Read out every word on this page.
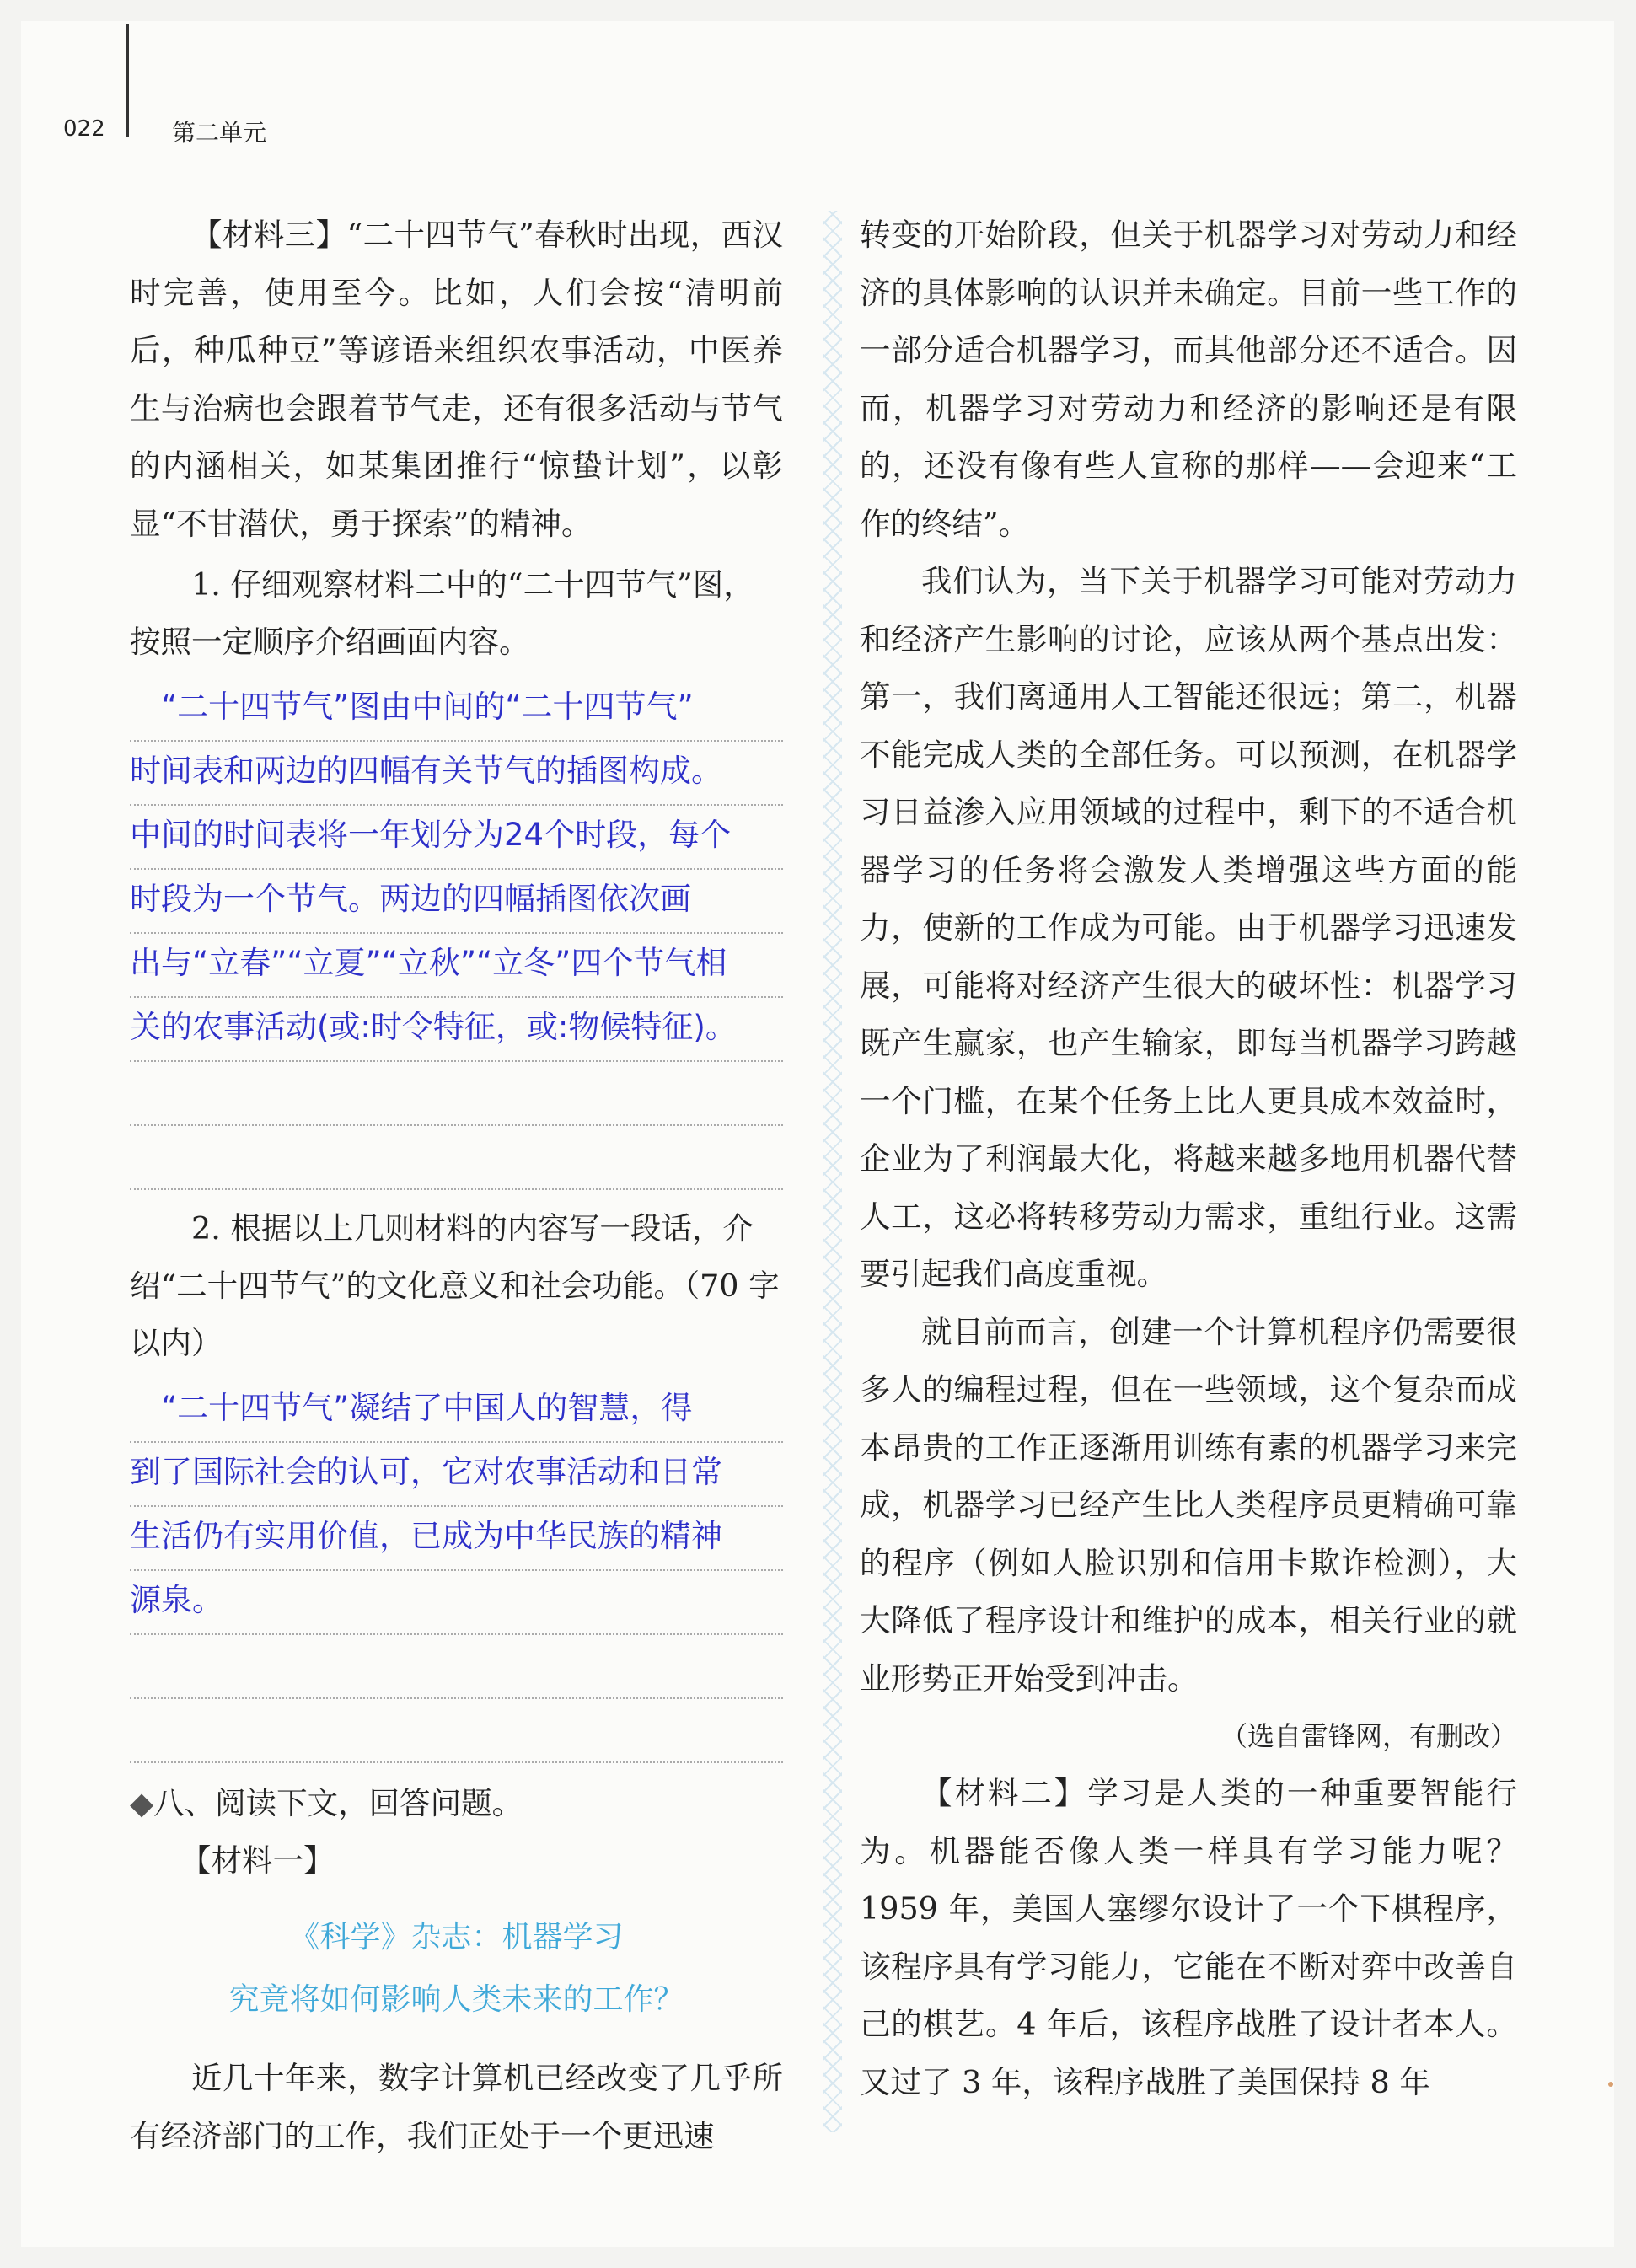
022	第二单元

【材料三】“二十四节气”春秋时出现，西汉时完善，使用至今。比如，人们会按“清明前后，种瓜种豆”等谚语来组织农事活动，中医养生与治病也会跟着节气走，还有很多活动与节气的内涵相关，如某集团推行“惊蛰计划”，以彰显“不甘潜伏，勇于探索”的精神。

1. 仔细观察材料二中的“二十四节气”图，按照一定顺序介绍画面内容。

　“二十四节气”图由中间的“二十四节气”
时间表和两边的四幅有关节气的插图构成。
中间的时间表将一年划分为24个时段，每个
时段为一个节气。两边的四幅插图依次画
出与“立春”“立夏”“立秋”“立冬”四个节气相
关的农事活动(或:时令特征，或:物候特征)。

2. 根据以上几则材料的内容写一段话，介绍“二十四节气”的文化意义和社会功能。（70 字以内）

　“二十四节气”凝结了中国人的智慧，得
到了国际社会的认可，它对农事活动和日常
生活仍有实用价值，已成为中华民族的精神
源泉。

◆八、阅读下文，回答问题。

【材料一】

《科学》杂志：机器学习

究竟将如何影响人类未来的工作？

近几十年来，数字计算机已经改变了几乎所有经济部门的工作，我们正处于一个更迅速

转变的开始阶段，但关于机器学习对劳动力和经济的具体影响的认识并未确定。目前一些工作的一部分适合机器学习，而其他部分还不适合。因而，机器学习对劳动力和经济的影响还是有限的，还没有像有些人宣称的那样——会迎来“工作的终结”。

我们认为，当下关于机器学习可能对劳动力和经济产生影响的讨论，应该从两个基点出发：第一，我们离通用人工智能还很远；第二，机器不能完成人类的全部任务。可以预测，在机器学习日益渗入应用领域的过程中，剩下的不适合机器学习的任务将会激发人类增强这些方面的能力，使新的工作成为可能。由于机器学习迅速发展，可能将对经济产生很大的破坏性：机器学习既产生赢家，也产生输家，即每当机器学习跨越一个门槛，在某个任务上比人更具成本效益时，企业为了利润最大化，将越来越多地用机器代替人工，这必将转移劳动力需求，重组行业。这需要引起我们高度重视。

就目前而言，创建一个计算机程序仍需要很多人的编程过程，但在一些领域，这个复杂而成本昂贵的工作正逐渐用训练有素的机器学习来完成，机器学习已经产生比人类程序员更精确可靠的程序（例如人脸识别和信用卡欺诈检测），大大降低了程序设计和维护的成本，相关行业的就业形势正开始受到冲击。

（选自雷锋网，有删改）

【材料二】学习是人类的一种重要智能行为。机器能否像人类一样具有学习能力呢？1959 年，美国人塞缪尔设计了一个下棋程序，该程序具有学习能力，它能在不断对弈中改善自己的棋艺。4 年后，该程序战胜了设计者本人。又过了 3 年，该程序战胜了美国保持 8 年
